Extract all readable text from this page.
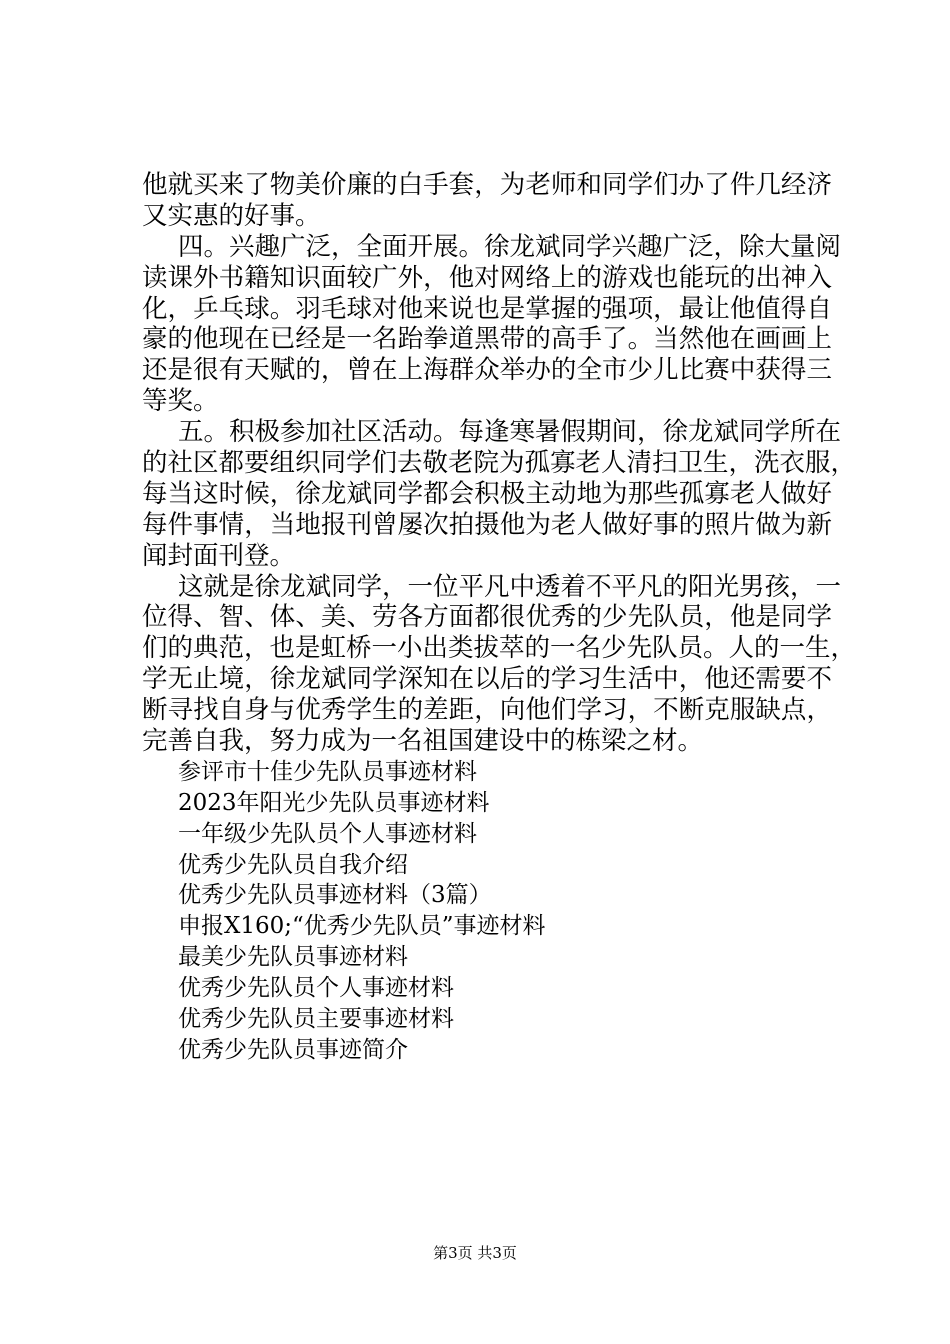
他就买来了物美价廉的白手套，为老师和同学们办了件几经济
又实惠的好事。
四。兴趣广泛，全面开展。徐龙斌同学兴趣广泛，除大量阅
读课外书籍知识面较广外，他对网络上的游戏也能玩的出神入
化，乒乓球。羽毛球对他来说也是掌握的强项，最让他值得自
豪的他现在已经是一名跆拳道黑带的高手了。当然他在画画上
还是很有天赋的，曾在上海群众举办的全市少儿比赛中获得三
等奖。
五。积极参加社区活动。每逢寒暑假期间，徐龙斌同学所在
的社区都要组织同学们去敬老院为孤寡老人清扫卫生，洗衣服，
每当这时候，徐龙斌同学都会积极主动地为那些孤寡老人做好
每件事情，当地报刊曾屡次拍摄他为老人做好事的照片做为新
闻封面刊登。
这就是徐龙斌同学，一位平凡中透着不平凡的阳光男孩，一
位得、智、体、美、劳各方面都很优秀的少先队员，他是同学
们的典范，也是虹桥一小出类拔萃的一名少先队员。人的一生，
学无止境，徐龙斌同学深知在以后的学习生活中，他还需要不
断寻找自身与优秀学生的差距，向他们学习，不断克服缺点，
完善自我，努力成为一名祖国建设中的栋梁之材。
参评市十佳少先队员事迹材料
2023年阳光少先队员事迹材料
一年级少先队员个人事迹材料
优秀少先队员自我介绍
优秀少先队员事迹材料（3篇）
申报X160;“优秀少先队员”事迹材料
最美少先队员事迹材料
优秀少先队员个人事迹材料
优秀少先队员主要事迹材料
优秀少先队员事迹简介
第3页 共3页
